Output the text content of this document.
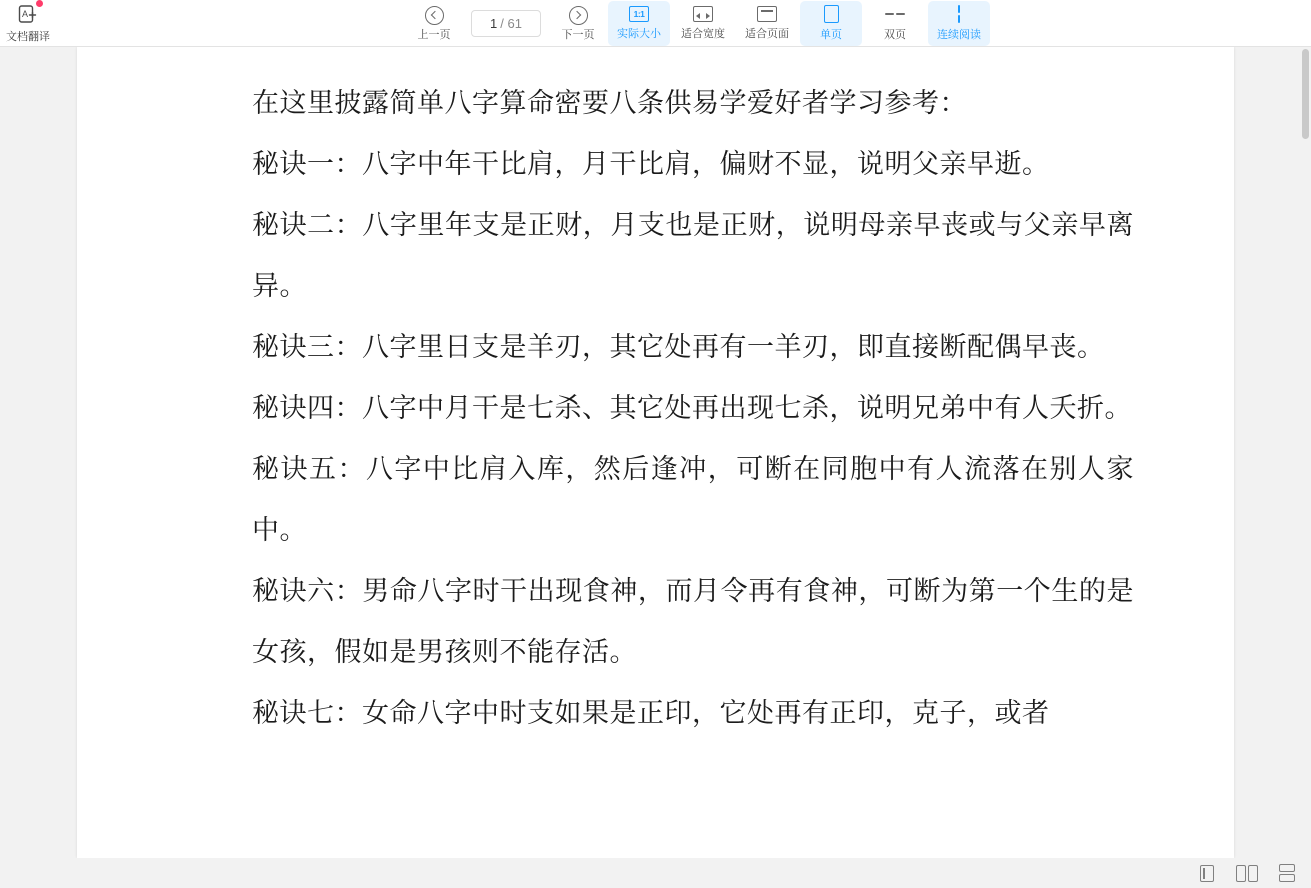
A
文档翻译	上一页
1 / 61
下一页
1:1
实际大小 适合宽度 适合页面	单页	双页	连续阅读

在这里披露简单八字算命密要八条供易学爱好者学习参考：

秘诀一：八字中年干比肩，月干比肩，偏财不显，说明父亲早逝。

秘诀二：八字里年支是正财，月支也是正财，说明母亲早丧或与父亲早离异。

秘诀三：八字里日支是羊刃，其它处再有一羊刃，即直接断配偶早丧。

秘诀四：八字中月干是七杀、其它处再出现七杀，说明兄弟中有人夭折。

秘诀五：八字中比肩入库，然后逢冲，可断在同胞中有人流落在别人家中。

秘诀六：男命八字时干出现食神，而月令再有食神，可断为第一个生的是女孩，假如是男孩则不能存活。

秘诀七：女命八字中时支如果是正印，它处再有正印，克子，或者
